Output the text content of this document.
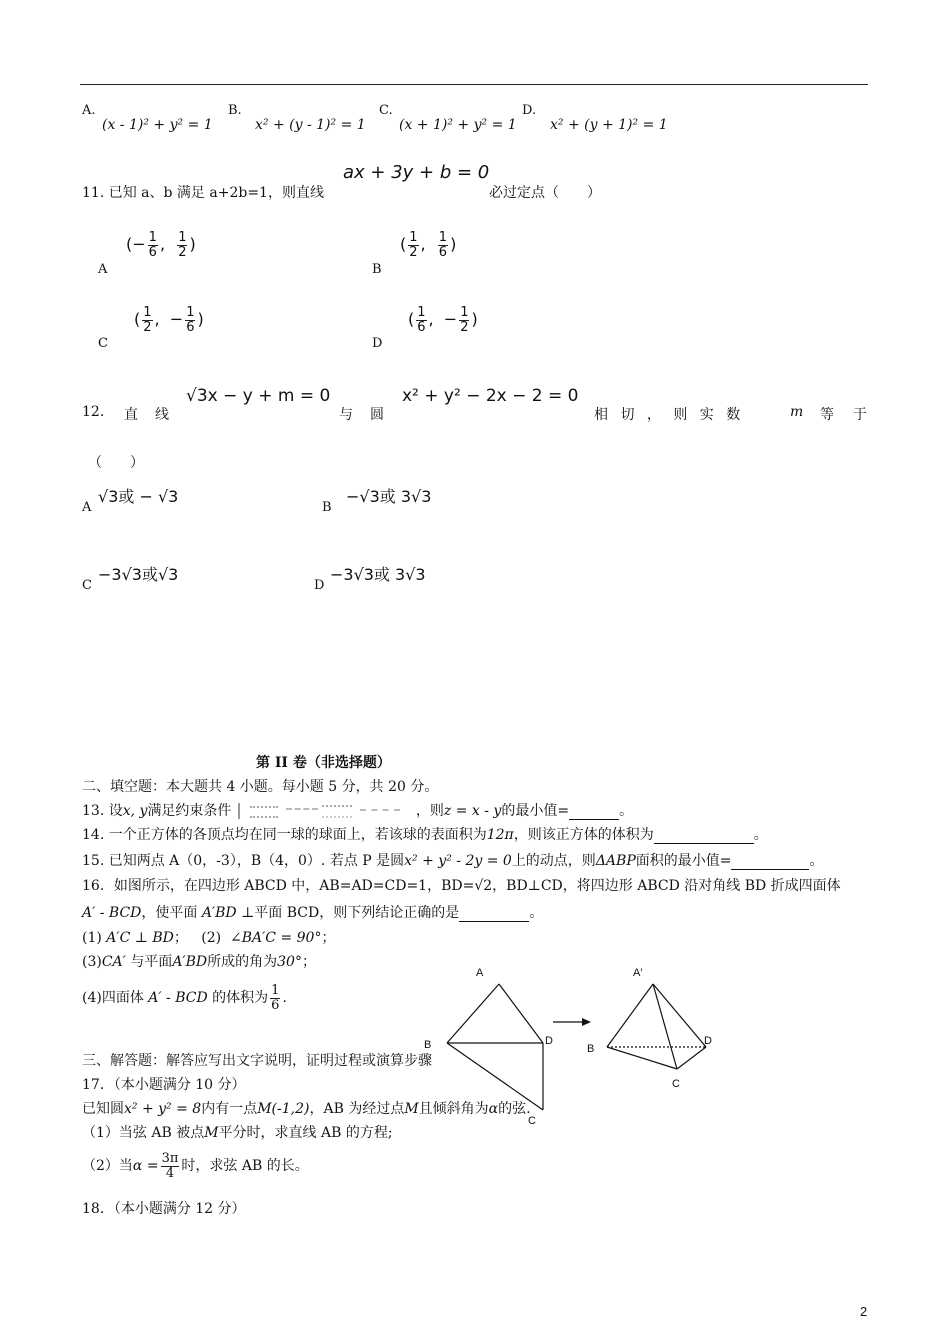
A.
(x - 1)² + y² = 1
B.
x² + (y - 1)² = 1
C.
(x + 1)² + y² = 1
D.
x² + (y + 1)² = 1
ax + 3y + b = 0
11. 已知 a、b 满足 a+2b=1，则直线	必过定点（　　）
A
(− $\frac{1}{6}$ , $\frac{1}{2}$ )
B
( $\frac{1}{2}$ , $\frac{1}{6}$ )
C
( $\frac{1}{2}$ ,  − $\frac{1}{6}$ )
D
( $\frac{1}{6}$ ,  − $\frac{1}{2}$ )
12. 直 线
√3x − y + m = 0
与 圆
x² + y² − 2x − 2 = 0
相 切 ， 则 实 数	m 等 于
（　　）
A
√3或 − √3
B
−√3或 3√3
C
−3√3或√3
D
−3√3或 3√3
第 II 卷（非选择题）
二、填空题：本大题共 4 小题。每小题 5 分，共 20 分。
13. 设x, y满足约束条件	，则z = x - y的最小值=	。
14. 一个正方体的各顶点均在同一球的球面上，若该球的表面积为12π，则该正方体的体积为	。
15. 已知两点 A（0，-3），B（4，0）. 若点 P 是圆x² + y² - 2y = 0上的动点，则ΔABP面积的最小值=	。
16．如图所示，在四边形 ABCD 中，AB=AD=CD=1，BD=√2，BD⊥CD，将四边形 ABCD 沿对角线 BD 折成四面体
A′ - BCD，使平面 A′BD ⊥平面 BCD，则下列结论正确的是	。
(1) A′C ⊥ BD； (2) ∠BA′C = 90°；
(3)CA′ 与平面A′BD所成的角为30°；
(4)四面体 A′ - BCD 的体积为 $\frac{1}{6}$ .
三、解答题：解答应写出文字说明，证明过程或演算步骤
17．（本小题满分 10 分）
已知圆x² + y² = 8内有一点M(-1,2)，AB 为经过点M且倾斜角为α的弦.
（1）当弦 AB 被点M平分时，求直线 AB 的方程;
（2）当$\alpha = \frac{3\pi}{4}$ 时，求弦 AB 的长。
18．（本小题满分 12 分）
A
B	D
C
A′
B
D
C
2
